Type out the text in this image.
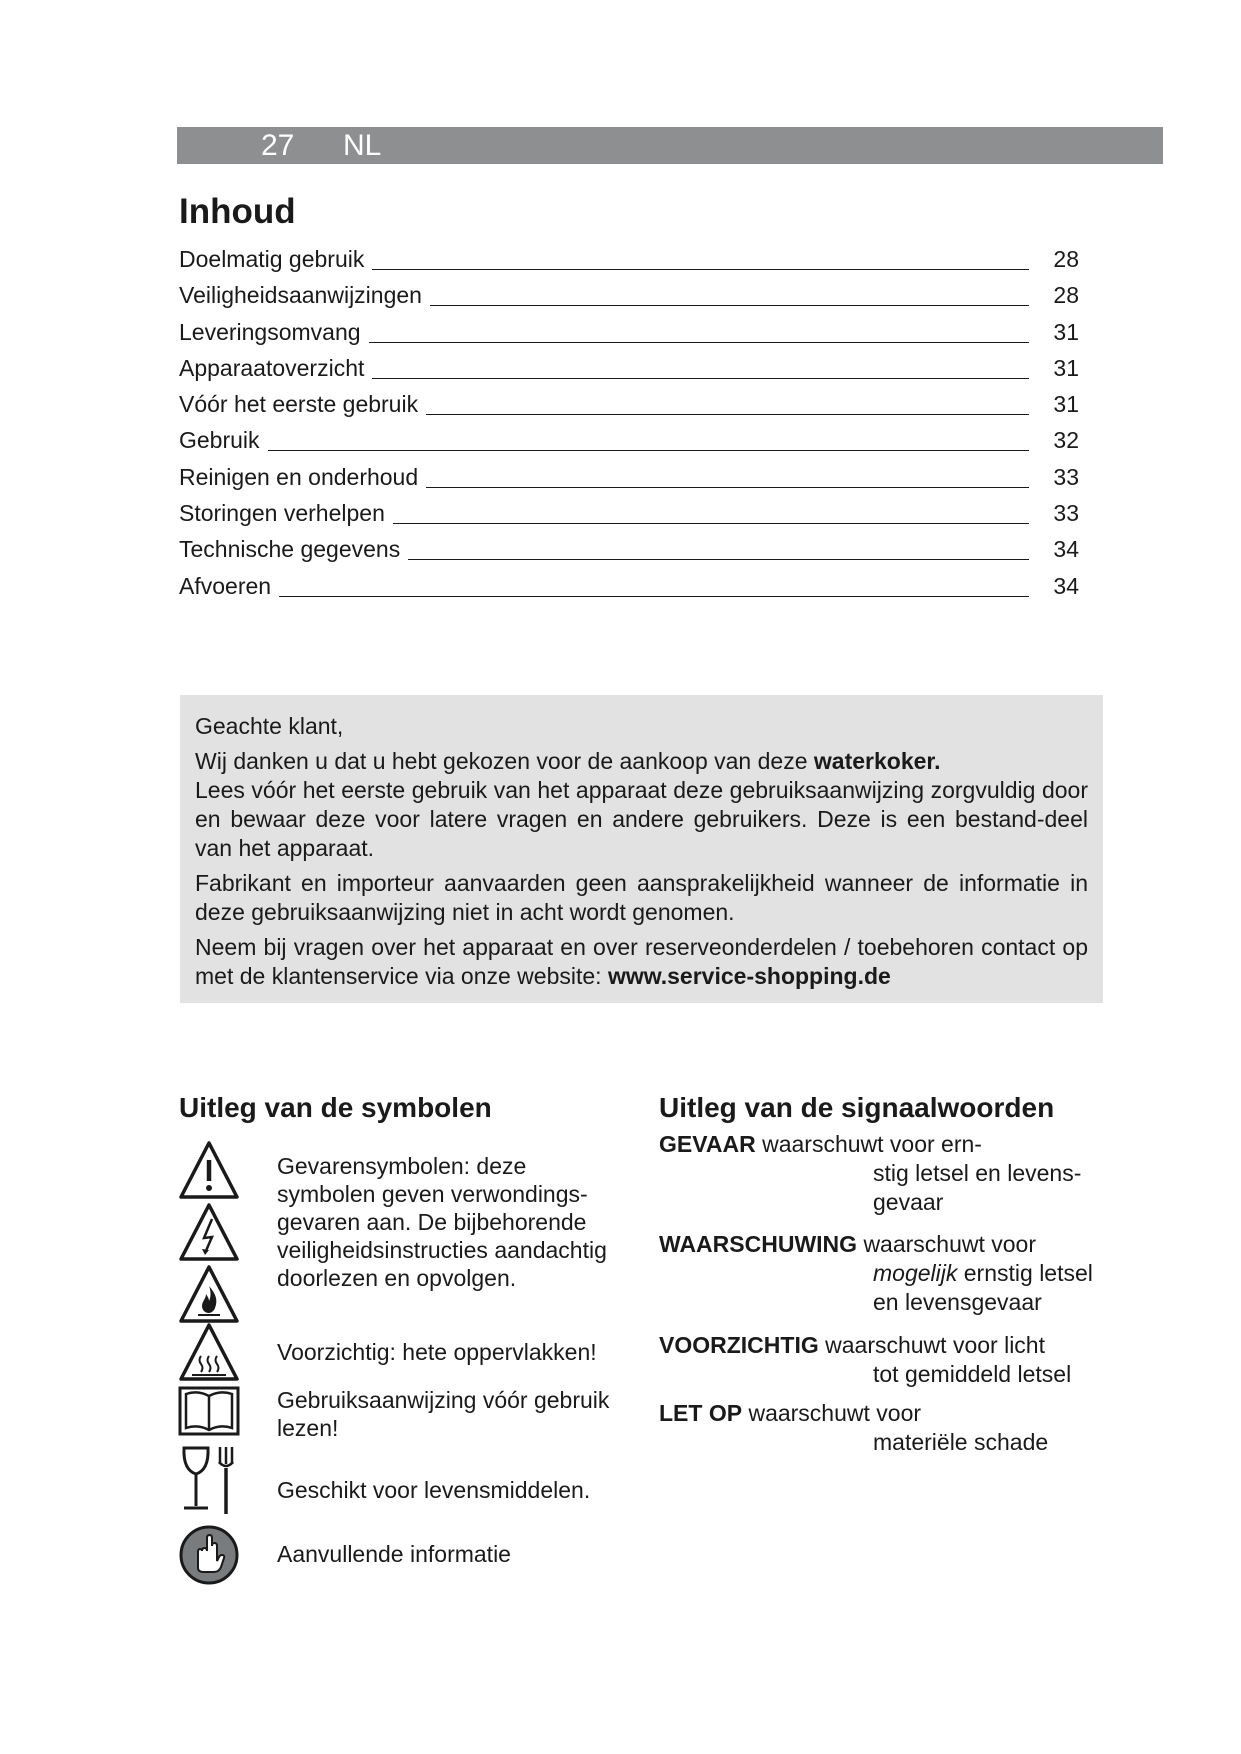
27 NL
Inhoud
Doelmatig gebruik	28
Veiligheidsaanwijzingen	28
Leveringsomvang	31
Apparaatoverzicht	31
Vóór het eerste gebruik	31
Gebruik	32
Reinigen en onderhoud	33
Storingen verhelpen	33
Technische gegevens	34
Afvoeren	34

Geachte klant,

Wij danken u dat u hebt gekozen voor de aankoop van deze waterkoker.
Lees vóór het eerste gebruik van het apparaat deze gebruiksaanwijzing zorgvuldig door en bewaar deze voor latere vragen en andere gebruikers. Deze is een bestand-deel van het apparaat.

Fabrikant en importeur aanvaarden geen aansprakelijkheid wanneer de informatie in deze gebruiksaanwijzing niet in acht wordt genomen.

Neem bij vragen over het apparaat en over reserveonderdelen / toebehoren contact op met de klantenservice via onze website: www.service-shopping.de

Uitleg van de symbolen	Uitleg van de signaalwoorden
Gevarensymbolen: deze symbolen geven verwondings-gevaren aan. De bijbehorende veiligheidsinstructies aandachtig doorlezen en opvolgen.
Voorzichtig: hete oppervlakken!
Gebruiksaanwijzing vóór gebruik lezen!
Geschikt voor levensmiddelen.
Aanvullende informatie
GEVAAR waarschuwt voor ern-
stig letsel en levens-
gevaar
WAARSCHUWING waarschuwt voor
mogelijk ernstig letsel
en levensgevaar
VOORZICHTIG waarschuwt voor licht
tot gemiddeld letsel
LET OP waarschuwt voor
materiële schade
